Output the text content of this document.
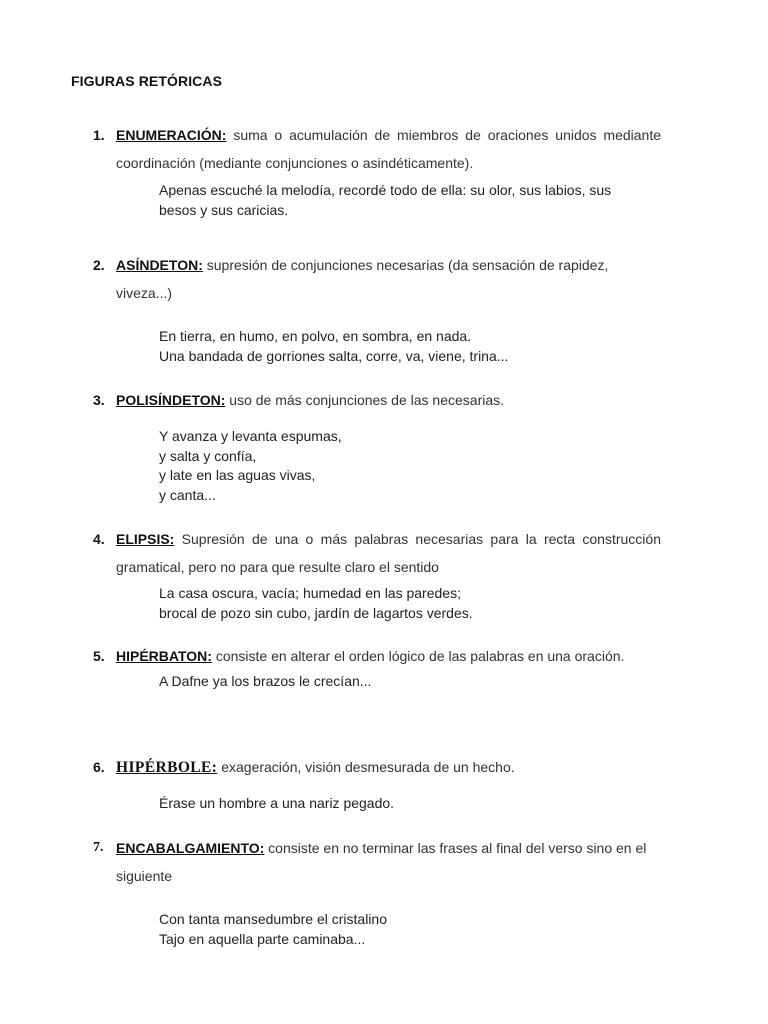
FIGURAS RETÓRICAS
1. ENUMERACIÓN: suma o acumulación de miembros de oraciones unidos mediante coordinación (mediante conjunciones o asindéticamente).
Apenas escuché la melodía, recordé todo de ella: su olor, sus labios, sus besos y sus caricias.
2. ASÍNDETON: supresión de conjunciones necesarias (da sensación de rapidez, viveza...)
En tierra, en humo, en polvo, en sombra, en nada.
Una bandada de gorriones salta, corre, va, viene, trina...
3. POLISÍNDETON: uso de más conjunciones de las necesarias.
Y avanza y levanta espumas,
y salta y confía,
y late en las aguas vivas,
y canta...
4. ELIPSIS: Supresión de una o más palabras necesarias para la recta construcción gramatical, pero no para que resulte claro el sentido
La casa oscura, vacía; humedad en las paredes;
brocal de pozo sin cubo, jardín de lagartos verdes.
5. HIPÉRBATON: consiste en alterar el orden lógico de las palabras en una oración.
A Dafne ya los brazos le crecían...
6. HIPÉRBOLE: exageración, visión desmesurada de un hecho.
Érase un hombre a una nariz pegado.
7. ENCABALGAMIENTO: consiste en no terminar las frases al final del verso sino en el siguiente
Con tanta mansedumbre el cristalino
Tajo en aquella parte caminaba...
